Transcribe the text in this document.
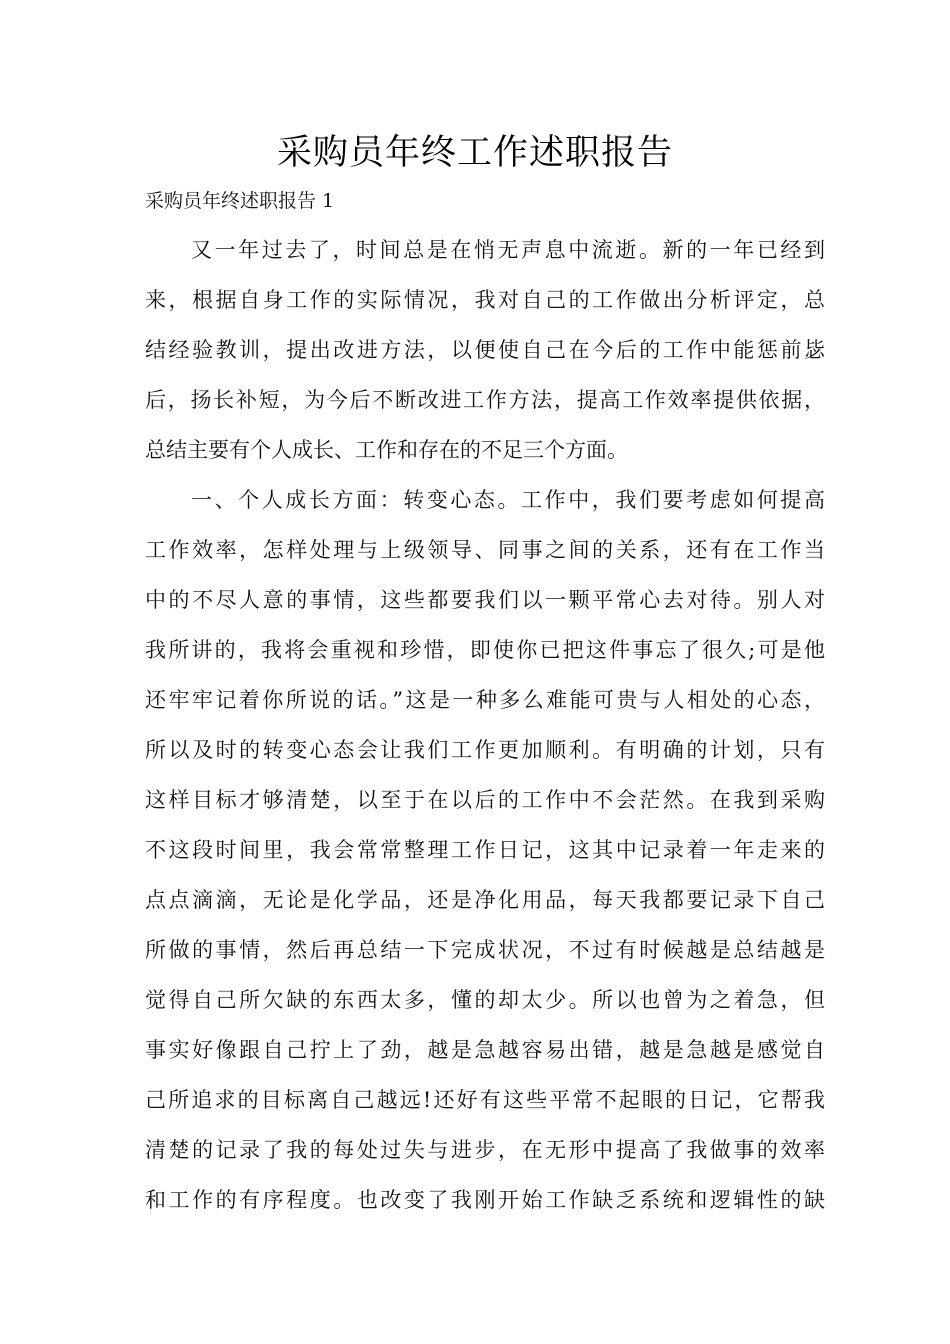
采购员年终工作述职报告
采购员年终述职报告 1
又一年过去了，时间总是在悄无声息中流逝。新的一年已经到
来，根据自身工作的实际情况，我对自己的工作做出分析评定，总
结经验教训，提出改进方法，以便使自己在今后的工作中能惩前毖
后，扬长补短，为今后不断改进工作方法，提高工作效率提供依据，
总结主要有个人成长、工作和存在的不足三个方面。
一、个人成长方面：转变心态。工作中，我们要考虑如何提高
工作效率，怎样处理与上级领导、同事之间的关系，还有在工作当
中的不尽人意的事情，这些都要我们以一颗平常心去对待。别人对
我所讲的，我将会重视和珍惜，即使你已把这件事忘了很久;可是他
还牢牢记着你所说的话。”这是一种多么难能可贵与人相处的心态，
所以及时的转变心态会让我们工作更加顺利。有明确的计划，只有
这样目标才够清楚，以至于在以后的工作中不会茫然。在我到采购
不这段时间里，我会常常整理工作日记，这其中记录着一年走来的
点点滴滴，无论是化学品，还是净化用品，每天我都要记录下自己
所做的事情，然后再总结一下完成状况，不过有时候越是总结越是
觉得自己所欠缺的东西太多，懂的却太少。所以也曾为之着急，但
事实好像跟自己拧上了劲，越是急越容易出错，越是急越是感觉自
己所追求的目标离自己越远!还好有这些平常不起眼的日记，它帮我
清楚的记录了我的每处过失与进步，在无形中提高了我做事的效率
和工作的有序程度。也改变了我刚开始工作缺乏系统和逻辑性的缺
